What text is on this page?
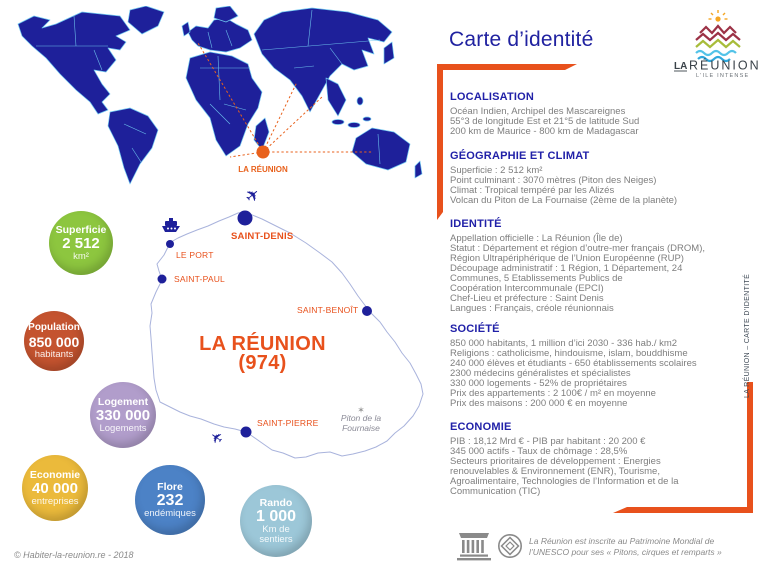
LA RÉUNION
Superficie
2 512
km²
Population
850 000
habitants
Logement
330 000
Logements
Economie
40 000
entreprises
Flore
232
endémiques
Rando
1 000
Km de sentiers
✈
✈
SAINT-DENIS
LE PORT
SAINT-PAUL
SAINT-BENOÎT
SAINT-PIERRE
LA RÉUNION
(974)
✶
Piton de la
Fournaise
Carte d’identité
LA RÉUNION
L'ILE INTENSE
LOCALISATION
Océan Indien, Archipel des Mascareignes
55°3 de longitude Est et 21°5 de latitude Sud
200 km de Maurice - 800 km de Madagascar
GÉOGRAPHIE ET CLIMAT
Superficie : 2 512 km²
Point culminant : 3070 mètres (Piton des Neiges)
Climat : Tropical tempéré par les Alizés
Volcan du Piton de La Fournaise (2ème de la planète)
IDENTITÉ
Appellation officielle : La Réunion (Île de)
Statut : Département et région d’outre-mer français (DROM),
Région Ultrapériphérique de l’Union Européenne (RUP)
Découpage administratif : 1 Région, 1 Département, 24
Communes, 5 Etablissements Publics de
Coopération Intercommunale (EPCI)
Chef-Lieu et préfecture : Saint Denis
Langues : Français, créole réunionnais
SOCIÉTÉ
850 000 habitants, 1 million d’ici 2030 - 336 hab./ km2
Religions : catholicisme, hindouisme, islam, bouddhisme
240 000 élèves et étudiants - 650 établissements scolaires
2300 médecins généralistes et spécialistes
330 000 logements - 52% de propriétaires
Prix des appartements : 2 100€ / m² en moyenne
Prix des maisons : 200 000 € en moyenne
ECONOMIE
PIB : 18,12 Mrd € - PIB par habitant : 20 200 €
345 000 actifs - Taux de chômage : 28,5%
Secteurs prioritaires de développement : Energies
renouvelables & Environnement (ENR), Tourisme,
Agroalimentaire, Technologies de l’Information et de la
Communication (TIC)
LA RÉUNION – CARTE D'IDENTITÉ
© Habiter-la-reunion.re - 2018
La Réunion est inscrite au Patrimoine Mondial de
l’UNESCO pour ses « Pitons, cirques et remparts »
